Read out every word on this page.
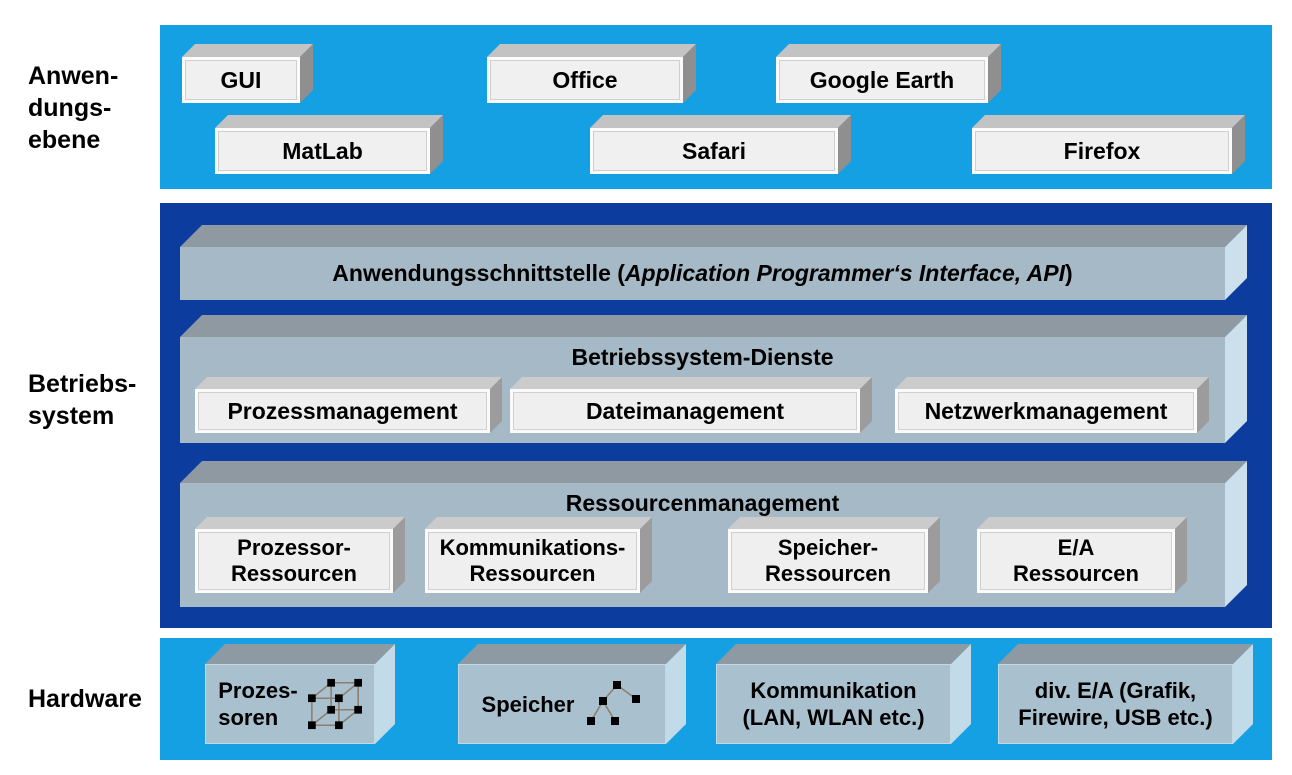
Anwen-
dungs-
ebene
Betriebs-
system
Hardware
GUI	Office	Google Earth
MatLab	Safari	Firefox
Anwendungsschnittstelle (Application Programmer‘s Interface, API)
Betriebssystem-Dienste
Prozessmanagement	Dateimanagement	Netzwerkmanagement
Ressourcenmanagement
Prozessor-
Ressourcen
Kommunikations-
Ressourcen
Speicher-
Ressourcen
E/A
Ressourcen
Prozes-
soren
Speicher
Kommunikation
(LAN, WLAN etc.)
div. E/A (Grafik,
Firewire, USB etc.)
